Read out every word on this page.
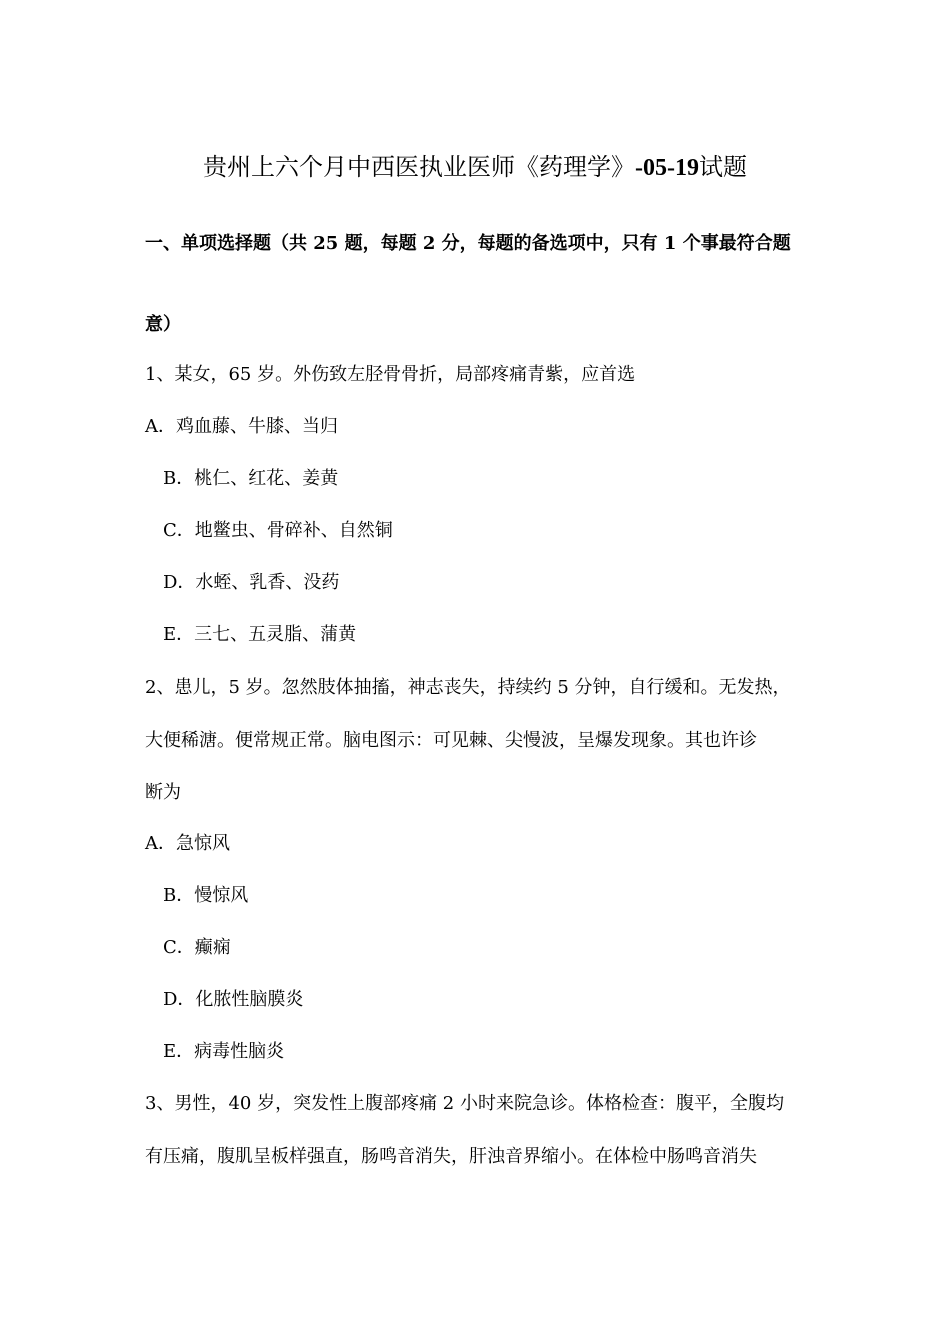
贵州上六个月中西医执业医师《药理学》-05-19试题
一、单项选择题（共 25 题，每题 2 分，每题的备选项中，只有 1 个事最符合题
意）
1、某女，65 岁。外伤致左胫骨骨折，局部疼痛青紫，应首选
A．鸡血藤、牛膝、当归
B．桃仁、红花、姜黄
C．地鳖虫、骨碎补、自然铜
D．水蛭、乳香、没药
E．三七、五灵脂、蒲黄
2、患儿，5 岁。忽然肢体抽搐，神志丧失，持续约 5 分钟，自行缓和。无发热，
大便稀溏。便常规正常。脑电图示：可见棘、尖慢波，呈爆发现象。其也许诊
断为
A．急惊风
B．慢惊风
C．癫痫
D．化脓性脑膜炎
E．病毒性脑炎
3、男性，40 岁，突发性上腹部疼痛 2 小时来院急诊。体格检查：腹平，全腹均
有压痛，腹肌呈板样强直，肠鸣音消失，肝浊音界缩小。在体检中肠鸣音消失
